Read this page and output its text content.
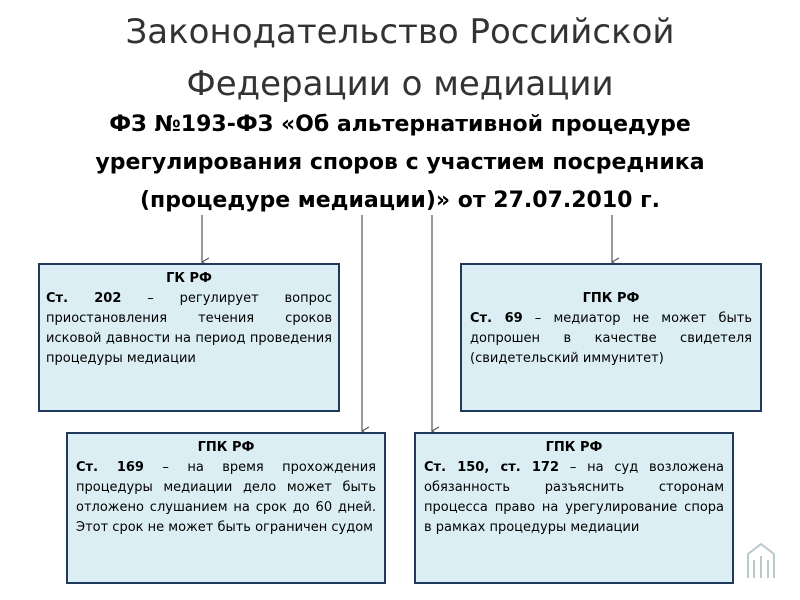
Законодательство Российской
Федерации о медиации
ФЗ №193-ФЗ «Об альтернативной процедуре
урегулирования споров с участием посредника
(процедуре медиации)» от 27.07.2010 г.
ГК РФ
Ст. 202 – регулирует вопрос приостановления течения сроков исковой давности на период проведения процедуры медиации
ГПК РФ
Ст. 69 – медиатор не может быть допрошен в качестве свидетеля (свидетельский иммунитет)
ГПК РФ
Ст. 169 – на время прохождения процедуры медиации дело может быть отложено слушанием на срок до 60 дней. Этот срок не может быть ограничен судом
ГПК РФ
Ст. 150, ст. 172 – на суд возложена обязанность разъяснить сторонам процесса право на урегулирование спора в рамках процедуры медиации
